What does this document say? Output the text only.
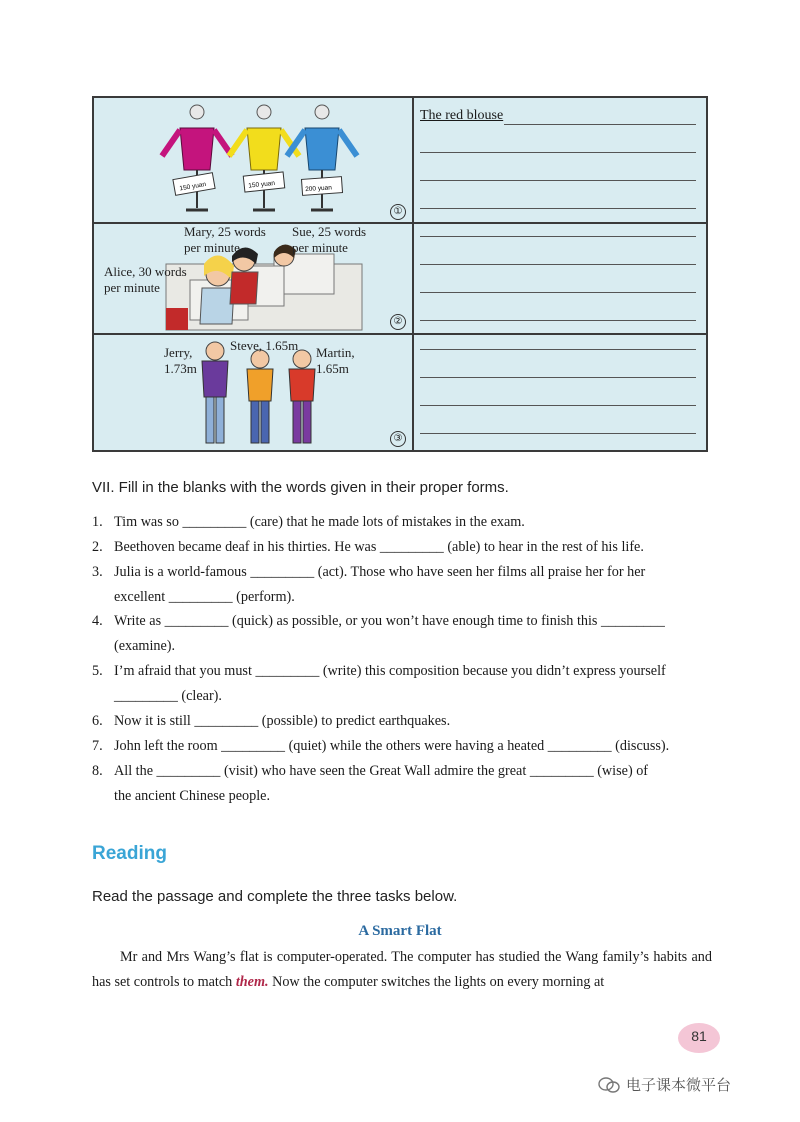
150 yuan	150 yuan	200 yuan
①
The red blouse
Mary, 25 words
per minute
Sue, 25 words
per minute
Alice, 30 words
per minute
②
Jerry,
1.73m
Steve, 1.65m Martin,
1.65m
③
VII. Fill in the blanks with the words given in their proper forms.
1. Tim was so _________ (care) that he made lots of mistakes in the exam.
2. Beethoven became deaf in his thirties. He was _________ (able) to hear in the rest of his life.
3. Julia is a world-famous _________ (act). Those who have seen her films all praise her for her
excellent _________ (perform).
4. Write as _________ (quick) as possible, or you won’t have enough time to finish this _________
(examine).
5. I’m afraid that you must _________ (write) this composition because you didn’t express yourself
_________ (clear).
6. Now it is still _________ (possible) to predict earthquakes.
7. John left the room _________ (quiet) while the others were having a heated _________ (discuss).
8. All the _________ (visit) who have seen the Great Wall admire the great _________ (wise) of
the ancient Chinese people.
Reading
Read the passage and complete the three tasks below.
A Smart Flat
Mr and Mrs Wang’s flat is computer-operated. The computer has studied the Wang family’s habits and has set controls to match them. Now the computer switches the lights on every morning at
81
电子课本微平台
